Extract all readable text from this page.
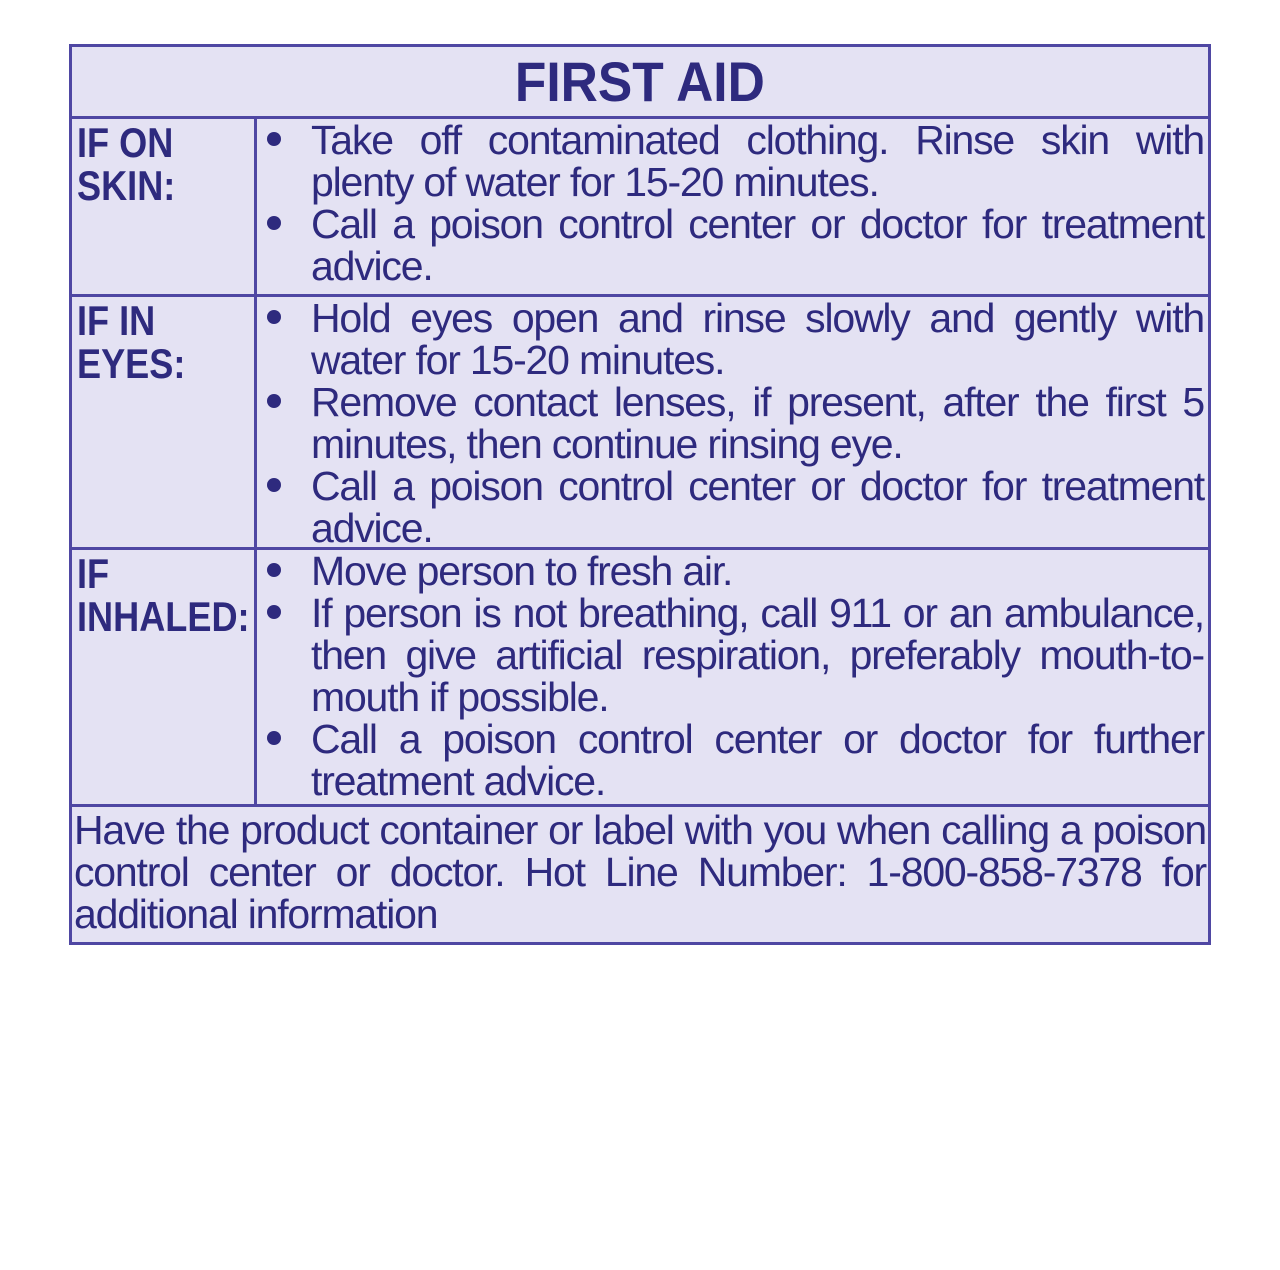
FIRST AID
IF ON
SKIN:
Take off contaminated clothing. Rinse skin with plenty of water for 15-20 minutes.
Call a poison control center or doctor for treatment advice.
IF IN
EYES:
Hold eyes open and rinse slowly and gently with water for 15-20 minutes.
Remove contact lenses, if present, after the first 5 minutes, then continue rinsing eye.
Call a poison control center or doctor for treatment advice.
IF
INHALED:
Move person to fresh air.
If person is not breathing, call 911 or an ambulance, then give artificial respiration, preferably mouth-to-mouth if possible.
Call a poison control center or doctor for further treatment advice.
Have the product container or label with you when calling a poison control center or doctor. Hot Line Number: 1-800-858-7378 for additional information
